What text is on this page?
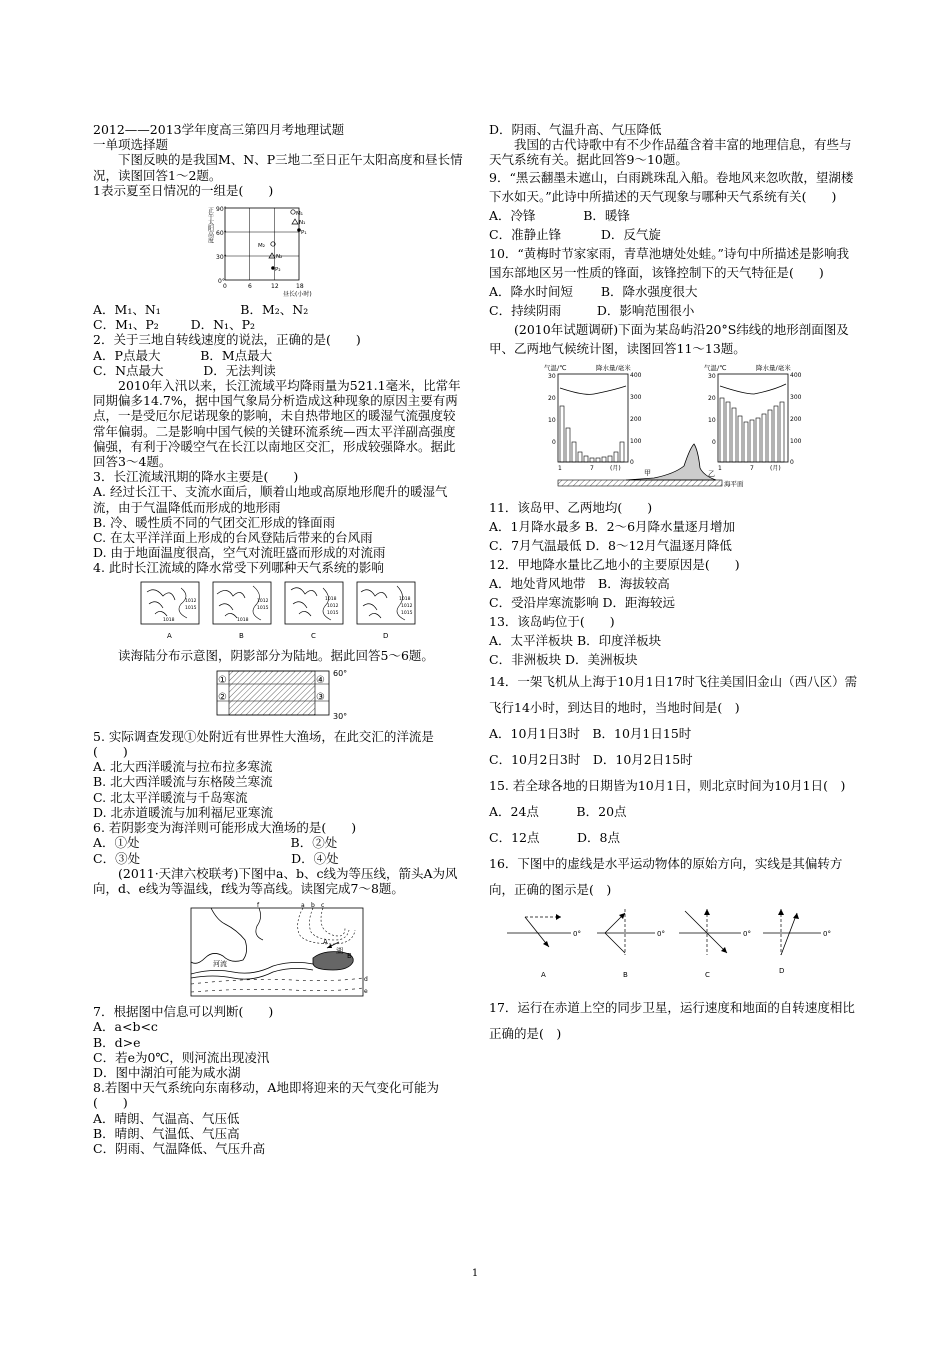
2012——2013学年度高三第四月考地理试题

一单项选择题

下图反映的是我国M、N、P三地二至日正午太阳高度和昼长情况，读图回答1～2题。

1表示夏至日情况的一组是(　　)

正午太阳高度 90°
60°
30°
0°
0	6	12	18
昼长(小时)
M₁
N₁
M₂
N₂
P₁
P₂

A．M₁、N₁	B．M₂、N₂

C．M₁、P₂	D．N₁、P₂

2．关于三地自转线速度的说法，正确的是(　　)

A．P点最大	B．M点最大

C．N点最大	D．无法判读

2010年入汛以来，长江流域平均降雨量为521.1毫米，比常年同期偏多14.7%，据中国气象局分析造成这种现象的原因主要有两点，一是受厄尔尼诺现象的影响，未自热带地区的暖湿气流强度较常年偏弱。二是影响中国气候的关键环流系统—西太平洋副高强度偏强，有利于冷暖空气在长江以南地区交汇，形成较强降水。据此回答3～4题。

3．长江流域汛期的降水主要是(　　)

A. 经过长江干、支流水面后，顺着山地或高原地形爬升的暖湿气流，由于气温降低而形成的地形雨

B. 冷、暖性质不同的气团交汇形成的锋面雨

C. 在太平洋洋面上形成的台风登陆后带来的台风雨

D. 由于地面温度很高，空气对流旺盛而形成的对流雨

4. 此时长江流域的降水常受下列哪种天气系统的影响

1012
1015
1018
A
1012
1015
1018
B
1018
1012
1015
C
1018
1012
1015
D

读海陆分布示意图，阴影部分为陆地。据此回答5～6题。

①
②	③
④
60°
30°

5. 实际调查发现①处附近有世界性大渔场，在此交汇的洋流是(　　)

A. 北大西洋暖流与拉布拉多寒流

B. 北大西洋暖流与东格陵兰寒流

C. 北太平洋暖流与千岛寒流

D. 北赤道暖流与加利福尼亚寒流

6. 若阴影变为海洋则可能形成大渔场的是(　　)

A．①处	B．②处

C．③处	D．④处

(2011·天津六校联考)下图中a、b、c线为等压线，箭头A为风向，d、e线为等温线，f线为等高线。读图完成7～8题。

f	a b c
A
湖
B
河流
d
e

7．根据图中信息可以判断(　　)

A．a<b<c

B．d>e

C．若e为0℃，则河流出现凌汛

D．图中湖泊可能为咸水湖

8.若图中天气系统向东南移动，A地即将迎来的天气变化可能为(　　)

A．晴朗、气温高、气压低

B．晴朗、气温低、气压高

C．阴雨、气温降低、气压升高

D．阴雨、气温升高、气压降低

我国的古代诗歌中有不少作品蕴含着丰富的地理信息，有些与天气系统有关。据此回答9～10题。

9．“黑云翻墨未遮山，白雨跳珠乱入船。卷地风来忽吹散，望湖楼下水如天。”此诗中所描述的天气现象与哪种天气系统有关(　　)

A．冷锋	B．暖锋

C．准静止锋	D．反气旋

10．“黄梅时节家家雨，青草池塘处处蛙。”诗句中所描述是影响我国东部地区另一性质的锋面，该锋控制下的天气特征是(　　)

A．降水时间短 B．降水强度很大

C．持续阴雨	D．影响范围很小

(2010年试题调研)下面为某岛屿沿20°S纬线的地形剖面图及甲、乙两地气候统计图，读图回答11～13题。

气温/℃	降水量/毫米
30
20
10
0
400
300
200
100
0
1	7	(月)
气温/℃	降水量/毫米
30
20
10
0
400
300
200
100
0
1	7	(月)
甲	乙
海平面

11．该岛甲、乙两地均(　　)

A．1月降水最多 B．2～6月降水量逐月增加

C．7月气温最低 D．8～12月气温逐月降低

12．甲地降水量比乙地小的主要原因是(　　)

A．地处背风地带　B．海拔较高

C．受沿岸寒流影响 D．距海较远

13．该岛屿位于(　　)

A．太平洋板块 B．印度洋板块

C．非洲板块 D．美洲板块

14．一架飞机从上海于10月1日17时飞往美国旧金山（西八区）需飞行14小时，到达目的地时，当地时间是(　)

A．10月1日3时　B．10月1日15时

C．10月2日3时　D．10月2日15时

15. 若全球各地的日期皆为10月1日，则北京时间为10月1日(　)

A．24点　　　B．20点

C．12点　　　D．8点

16．下图中的虚线是水平运动物体的原始方向，实线是其偏转方向，正确的图示是(　)

0°
A
0°
B
0°
C
0°
D

17．运行在赤道上空的同步卫星，运行速度和地面的自转速度相比正确的是(　)

1
